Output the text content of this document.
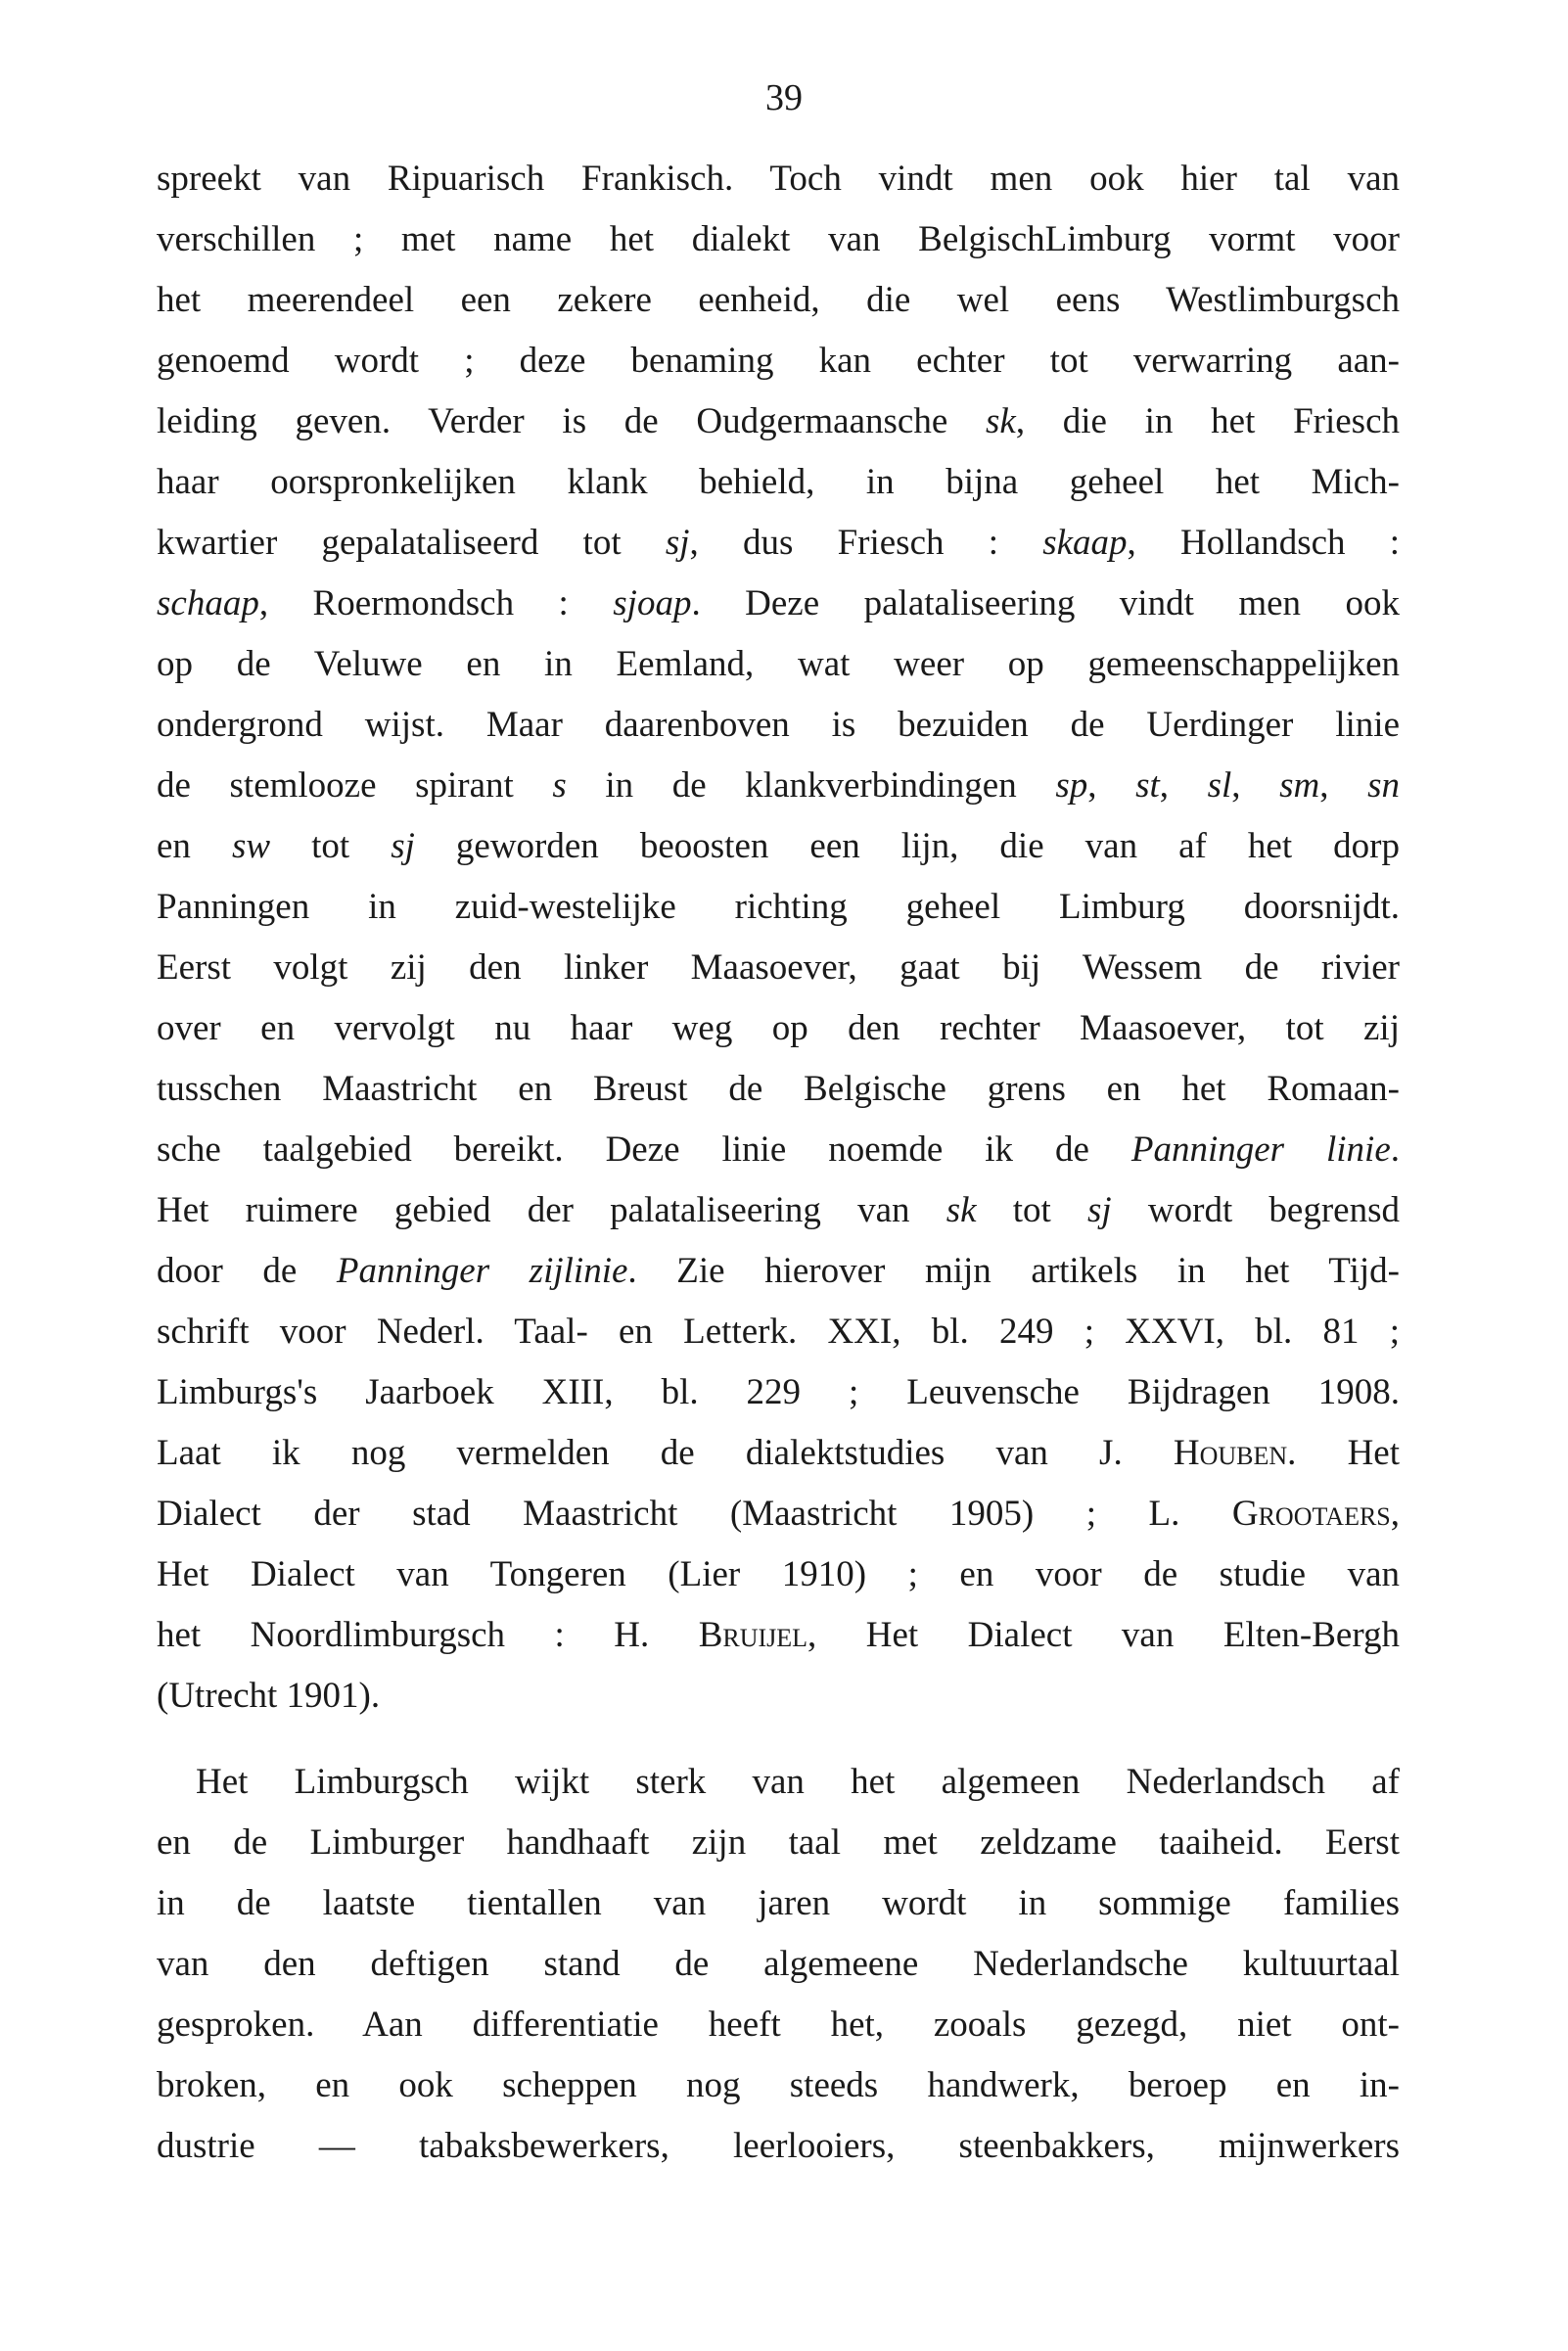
39
spreekt van Ripuarisch Frankisch. Toch vindt men ook hier tal van
verschillen ; met name het dialekt van BelgischLimburg vormt voor
het meerendeel een zekere eenheid, die wel eens Westlimburgsch
genoemd wordt ; deze benaming kan echter tot verwarring aan-
leiding geven. Verder is de Oudgermaansche sk, die in het Friesch
haar oorspronkelijken klank behield, in bijna geheel het Mich-
kwartier gepalataliseerd tot sj, dus Friesch : skaap, Hollandsch :
schaap, Roermondsch : sjoap. Deze palataliseering vindt men ook
op de Veluwe en in Eemland, wat weer op gemeenschappelijken
ondergrond wijst. Maar daarenboven is bezuiden de Uerdinger linie
de stemlooze spirant s in de klankverbindingen sp, st, sl, sm, sn
en sw tot sj geworden beoosten een lijn, die van af het dorp
Panningen in zuid-westelijke richting geheel Limburg doorsnijdt.
Eerst volgt zij den linker Maasoever, gaat bij Wessem de rivier
over en vervolgt nu haar weg op den rechter Maasoever, tot zij
tusschen Maastricht en Breust de Belgische grens en het Romaan-
sche taalgebied bereikt. Deze linie noemde ik de Panninger linie.
Het ruimere gebied der palataliseering van sk tot sj wordt begrensd
door de Panninger zijlinie. Zie hierover mijn artikels in het Tijd-
schrift voor Nederl. Taal- en Letterk. XXI, bl. 249 ; XXVI, bl. 81 ;
Limburgs's Jaarboek XIII, bl. 229 ; Leuvensche Bijdragen 1908.
Laat ik nog vermelden de dialektstudies van J. Houben. Het
Dialect der stad Maastricht (Maastricht 1905) ; L. Grootaers,
Het Dialect van Tongeren (Lier 1910) ; en voor de studie van
het Noordlimburgsch : H. Bruijel, Het Dialect van Elten-Bergh
(Utrecht 1901).
Het Limburgsch wijkt sterk van het algemeen Nederlandsch af
en de Limburger handhaaft zijn taal met zeldzame taaiheid. Eerst
in de laatste tientallen van jaren wordt in sommige families
van den deftigen stand de algemeene Nederlandsche kultuurtaal
gesproken. Aan differentiatie heeft het, zooals gezegd, niet ont-
broken, en ook scheppen nog steeds handwerk, beroep en in-
dustrie — tabaksbewerkers, leerlooiers, steenbakkers, mijnwerkers
